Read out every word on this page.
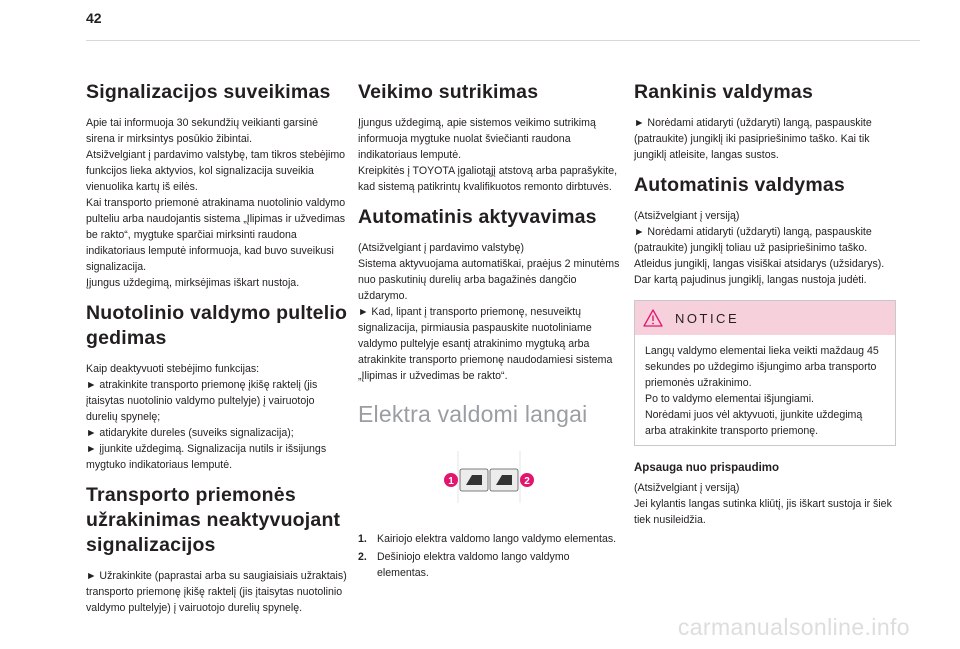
42
Signalizacijos suveikimas

Apie tai informuoja 30 sekundžių veikianti garsinė sirena ir mirksintys posūkio žibintai.
Atsižvelgiant į pardavimo valstybę, tam tikros stebėjimo funkcijos lieka aktyvios, kol signalizacija suveikia vienuolika kartų iš eilės.
Kai transporto priemonė atrakinama nuotolinio valdymo pulteliu arba naudojantis sistema „Įlipimas ir užvedimas be rakto“, mygtuke sparčiai mirksinti raudona indikatoriaus lemputė informuoja, kad buvo suveikusi signalizacija.
Įjungus uždegimą, mirksėjimas iškart nustoja.

Nuotolinio valdymo pultelio gedimas

Kaip deaktyvuoti stebėjimo funkcijas:
► atrakinkite transporto priemonę įkišę raktelį (jis įtaisytas nuotolinio valdymo pultelyje) į vairuotojo durelių spynelę;
► atidarykite dureles (suveiks signalizacija);
► įjunkite uždegimą. Signalizacija nutils ir išsijungs mygtuko indikatoriaus lemputė.

Transporto priemonės užrakinimas neaktyvuojant signalizacijos

► Užrakinkite (paprastai arba su saugiaisiais užraktais) transporto priemonę įkišę raktelį (jis įtaisytas nuotolinio valdymo pultelyje) į vairuotojo durelių spynelę.

Veikimo sutrikimas

Įjungus uždegimą, apie sistemos veikimo sutrikimą informuoja mygtuke nuolat šviečianti raudona indikatoriaus lemputė.
Kreipkitės į TOYOTA įgaliotąjį atstovą arba paprašykite, kad sistemą patikrintų kvalifikuotos remonto dirbtuvės.

Automatinis aktyvavimas

(Atsižvelgiant į pardavimo valstybę)
Sistema aktyvuojama automatiškai, praėjus 2 minutėms nuo paskutinių durelių arba bagažinės dangčio uždarymo.
► Kad, lipant į transporto priemonę, nesuveiktų signalizacija, pirmiausia paspauskite nuotoliniame valdymo pultelyje esantį atrakinimo mygtuką arba atrakinkite transporto priemonę naudodamiesi sistema „Įlipimas ir užvedimas be rakto“.

Elektra valdomi langai
1	2
1. Kairiojo elektra valdomo lango valdymo elementas.
2. Dešiniojo elektra valdomo lango valdymo elementas.
Rankinis valdymas

► Norėdami atidaryti (uždaryti) langą, paspauskite (patraukite) jungiklį iki pasipriešinimo taško. Kai tik jungiklį atleisite, langas sustos.

Automatinis valdymas

(Atsižvelgiant į versiją)
► Norėdami atidaryti (uždaryti) langą, paspauskite (patraukite) jungiklį toliau už pasipriešinimo taško. Atleidus jungiklį, langas visiškai atsidarys (užsidarys).
Dar kartą pajudinus jungiklį, langas nustoja judėti.

NOTICE

Langų valdymo elementai lieka veikti maždaug 45 sekundes po uždegimo išjungimo arba transporto priemonės užrakinimo.
Po to valdymo elementai išjungiami.
Norėdami juos vėl aktyvuoti, įjunkite uždegimą arba atrakinkite transporto priemonę.

Apsauga nuo prispaudimo

(Atsižvelgiant į versiją)
Jei kylantis langas sutinka kliūtį, jis iškart sustoja ir šiek tiek nusileidžia.

carmanualsonline.info
